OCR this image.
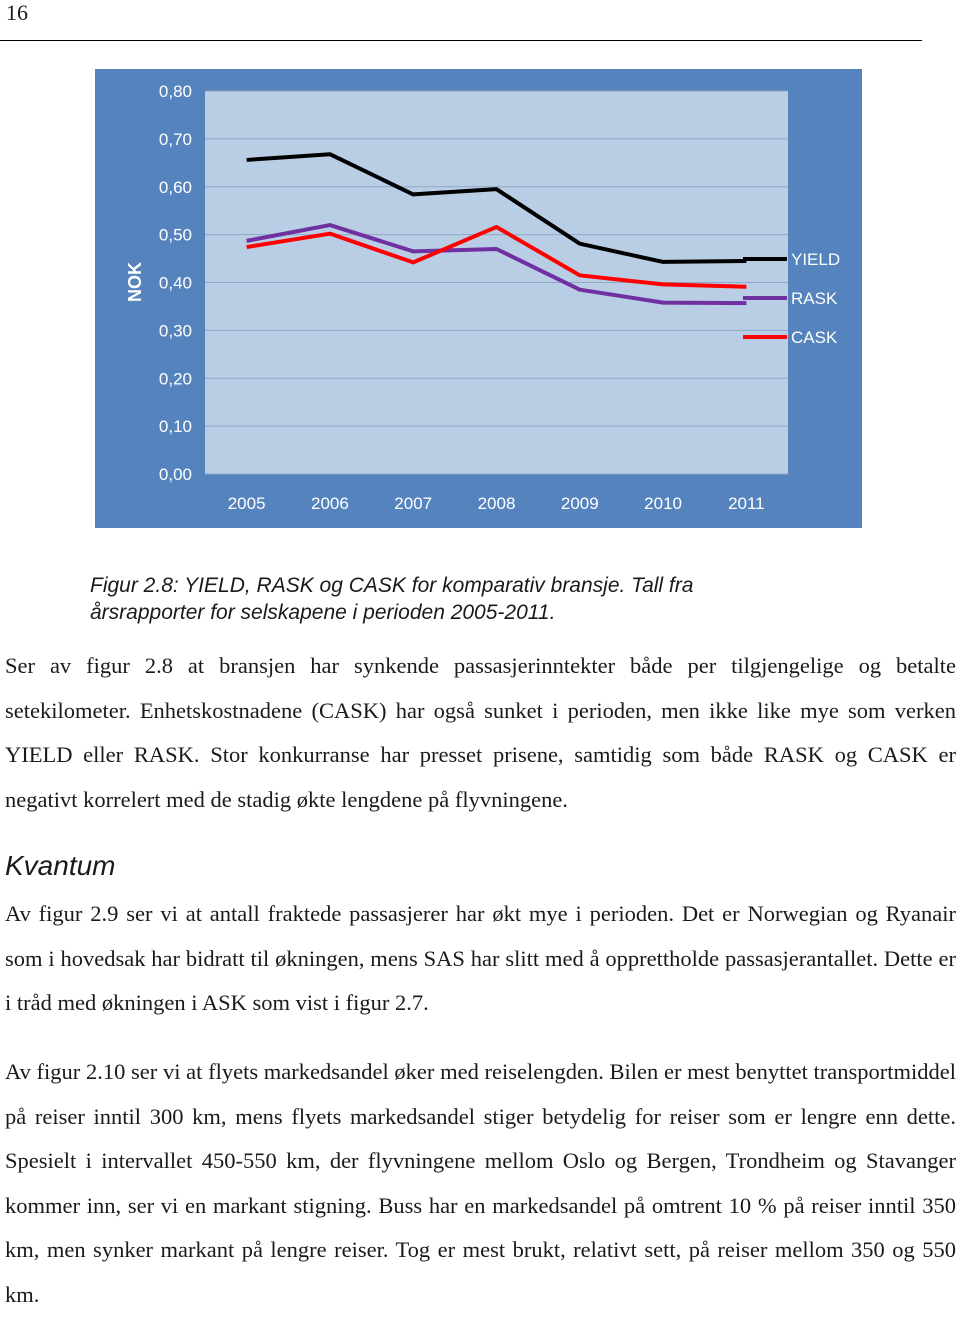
16
0,00
0,10
0,20
0,30
0,40
0,50
0,60
0,70
0,80
2005	2006	2007	2008	2009	2010	2011
NOK
YIELD
RASK
CASK
Figur 2.8: YIELD, RASK og CASK for komparativ bransje. Tall fra
årsrapporter for selskapene i perioden 2005-2011.

Ser av figur 2.8 at bransjen har synkende passasjerinntekter både per tilgjengelige og betalte setekilometer. Enhetskostnadene (CASK) har også sunket i perioden, men ikke like mye som verken YIELD eller RASK. Stor konkurranse har presset prisene, samtidig som både RASK og CASK er negativt korrelert med de stadig økte lengdene på flyvningene.

Kvantum

Av figur 2.9 ser vi at antall fraktede passasjerer har økt mye i perioden. Det er Norwegian og Ryanair som i hovedsak har bidratt til økningen, mens SAS har slitt med å opprettholde passasjerantallet. Dette er i tråd med økningen i ASK som vist i figur 2.7.

Av figur 2.10 ser vi at flyets markedsandel øker med reiselengden. Bilen er mest benyttet transportmiddel på reiser inntil 300 km, mens flyets markedsandel stiger betydelig for reiser som er lengre enn dette. Spesielt i intervallet 450-550 km, der flyvningene mellom Oslo og Bergen, Trondheim og Stavanger kommer inn, ser vi en markant stigning. Buss har en markedsandel på omtrent 10 % på reiser inntil 350 km, men synker markant på lengre reiser. Tog er mest brukt, relativt sett, på reiser mellom 350 og 550 km.
